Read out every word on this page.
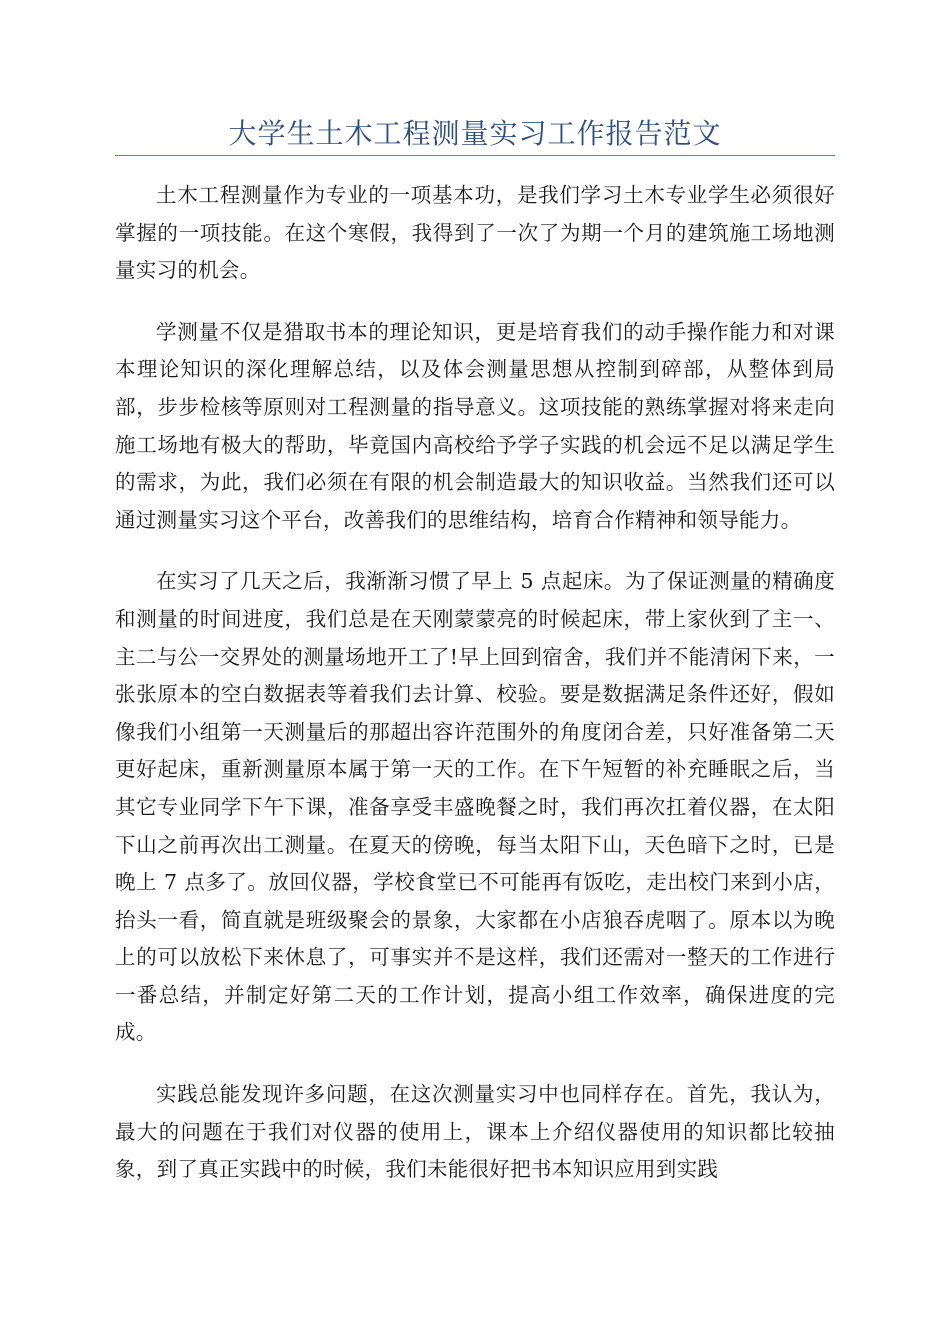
大学生土木工程测量实习工作报告范文

土木工程测量作为专业的一项基本功，是我们学习土木专业学生必须很好掌握的一项技能。在这个寒假，我得到了一次了为期一个月的建筑施工场地测量实习的机会。

学测量不仅是猎取书本的理论知识，更是培育我们的动手操作能力和对课本理论知识的深化理解总结，以及体会测量思想从控制到碎部，从整体到局部，步步检核等原则对工程测量的指导意义。这项技能的熟练掌握对将来走向施工场地有极大的帮助，毕竟国内高校给予学子实践的机会远不足以满足学生的需求，为此，我们必须在有限的机会制造最大的知识收益。当然我们还可以通过测量实习这个平台，改善我们的思维结构，培育合作精神和领导能力。

在实习了几天之后，我渐渐习惯了早上 5 点起床。为了保证测量的精确度和测量的时间进度，我们总是在天刚蒙蒙亮的时候起床，带上家伙到了主一、主二与公一交界处的测量场地开工了!早上回到宿舍，我们并不能清闲下来，一张张原本的空白数据表等着我们去计算、校验。要是数据满足条件还好，假如像我们小组第一天测量后的那超出容许范围外的角度闭合差，只好准备第二天更好起床，重新测量原本属于第一天的工作。在下午短暂的补充睡眠之后，当其它专业同学下午下课，准备享受丰盛晚餐之时，我们再次扛着仪器，在太阳下山之前再次出工测量。在夏天的傍晚，每当太阳下山，天色暗下之时，已是晚上 7 点多了。放回仪器，学校食堂已不可能再有饭吃，走出校门来到小店，抬头一看，简直就是班级聚会的景象，大家都在小店狼吞虎咽了。原本以为晚上的可以放松下来休息了，可事实并不是这样，我们还需对一整天的工作进行一番总结，并制定好第二天的工作计划，提高小组工作效率，确保进度的完成。

实践总能发现许多问题，在这次测量实习中也同样存在。首先，我认为，最大的问题在于我们对仪器的使用上，课本上介绍仪器使用的知识都比较抽象，到了真正实践中的时候，我们未能很好把书本知识应用到实践
